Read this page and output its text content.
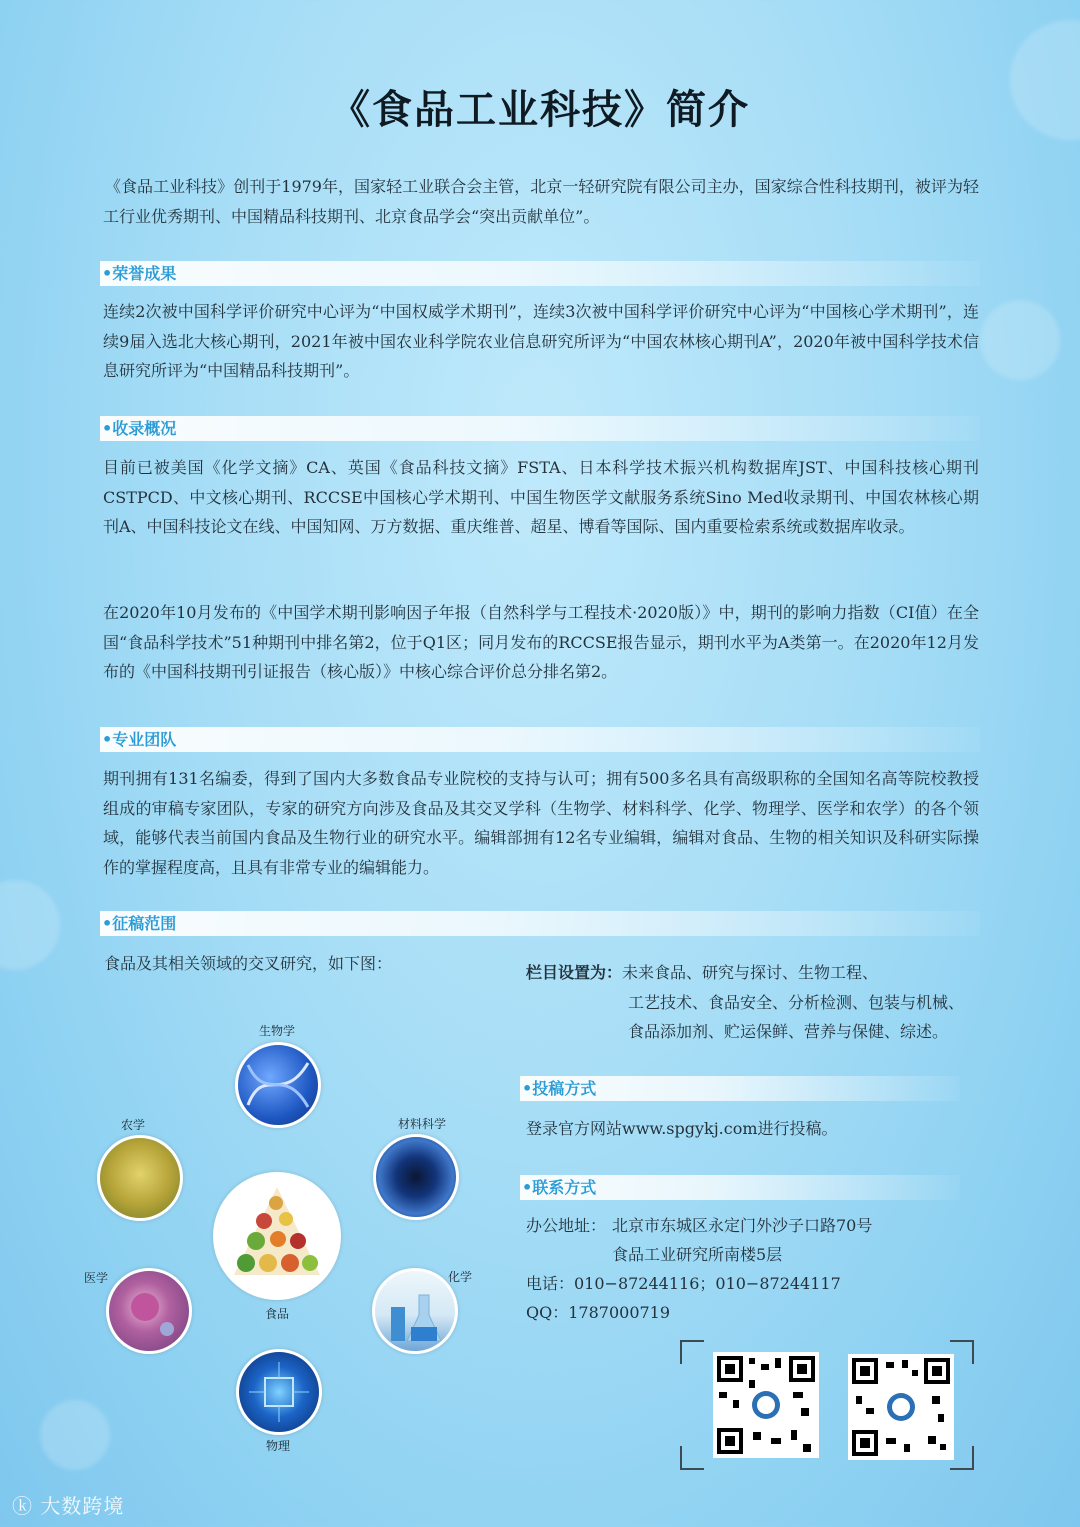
《食品工业科技》简介
《食品工业科技》创刊于1979年，国家轻工业联合会主管，北京一轻研究院有限公司主办，国家综合性科技期刊，被评为轻工行业优秀期刊、中国精品科技期刊、北京食品学会“突出贡献单位”。
•荣誉成果
连续2次被中国科学评价研究中心评为“中国权威学术期刊”，连续3次被中国科学评价研究中心评为“中国核心学术期刊”，连续9届入选北大核心期刊，2021年被中国农业科学院农业信息研究所评为“中国农林核心期刊A”，2020年被中国科学技术信息研究所评为“中国精品科技期刊”。
•收录概况
目前已被美国《化学文摘》CA、英国《食品科技文摘》FSTA、日本科学技术振兴机构数据库JST、中国科技核心期刊CSTPCD、中文核心期刊、RCCSE中国核心学术期刊、中国生物医学文献服务系统Sino Med收录期刊、中国农林核心期刊A、中国科技论文在线、中国知网、万方数据、重庆维普、超星、博看等国际、国内重要检索系统或数据库收录。
在2020年10月发布的《中国学术期刊影响因子年报（自然科学与工程技术·2020版）》中，期刊的影响力指数（CI值）在全国“食品科学技术”51种期刊中排名第2，位于Q1区；同月发布的RCCSE报告显示，期刊水平为A类第一。在2020年12月发布的《中国科技期刊引证报告（核心版）》中核心综合评价总分排名第2。
•专业团队
期刊拥有131名编委，得到了国内大多数食品专业院校的支持与认可；拥有500多名具有高级职称的全国知名高等院校教授组成的审稿专家团队，专家的研究方向涉及食品及其交叉学科（生物学、材料科学、化学、物理学、医学和农学）的各个领域，能够代表当前国内食品及生物行业的研究水平。编辑部拥有12名专业编辑，编辑对食品、生物的相关知识及科研实际操作的掌握程度高，且具有非常专业的编辑能力。
•征稿范围
食品及其相关领域的交叉研究，如下图：	栏目设置为：未来食品、研究与探讨、生物工程、
工艺技术、食品安全、分析检测、包装与机械、
食品添加剂、贮运保鲜、营养与保健、综述。
•投稿方式
登录官方网站www.spgykj.com进行投稿。
•联系方式
办公地址： 北京市东城区永定门外沙子口路70号
食品工业研究所南楼5层
电话：010−87244116；010−87244117
QQ：1787000719
食品
生物学
材料科学
化学
物理
医学
农学
ⓚ 大数跨境
